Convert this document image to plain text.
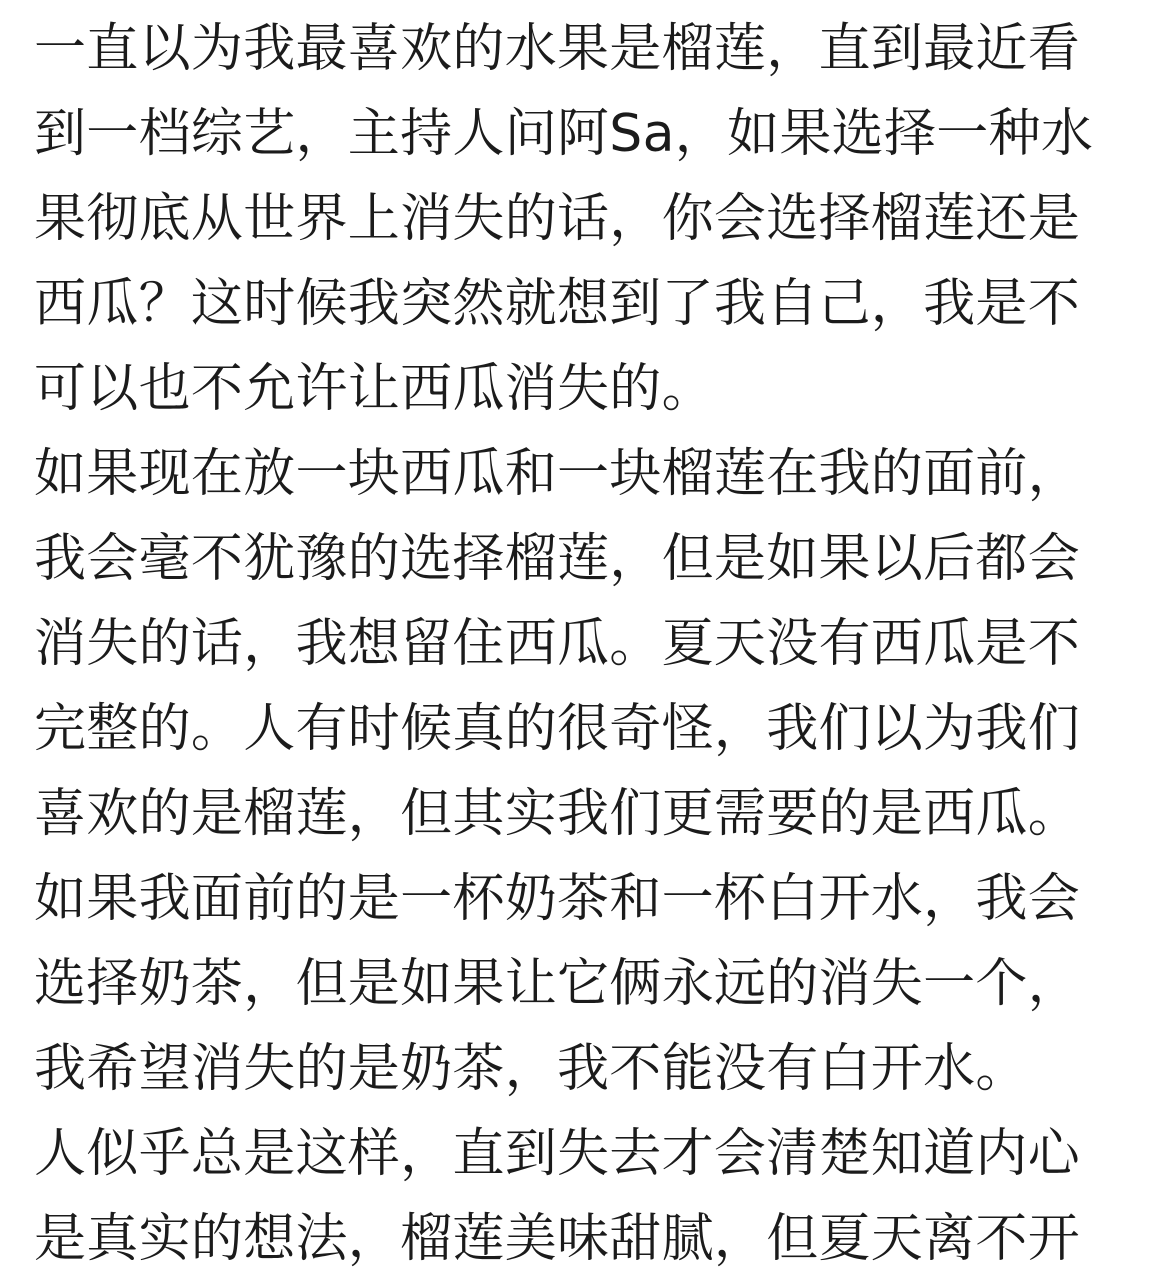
一直以为我最喜欢的水果是榴莲，直到最近看
到一档综艺，主持人问阿Sa，如果选择一种水
果彻底从世界上消失的话，你会选择榴莲还是
西瓜？这时候我突然就想到了我自己，我是不
可以也不允许让西瓜消失的。
如果现在放一块西瓜和一块榴莲在我的面前，
我会毫不犹豫的选择榴莲，但是如果以后都会
消失的话，我想留住西瓜。夏天没有西瓜是不
完整的。人有时候真的很奇怪，我们以为我们
喜欢的是榴莲，但其实我们更需要的是西瓜。
如果我面前的是一杯奶茶和一杯白开水，我会
选择奶茶，但是如果让它俩永远的消失一个，
我希望消失的是奶茶，我不能没有白开水。
人似乎总是这样，直到失去才会清楚知道内心
是真实的想法，榴莲美味甜腻，但夏天离不开
